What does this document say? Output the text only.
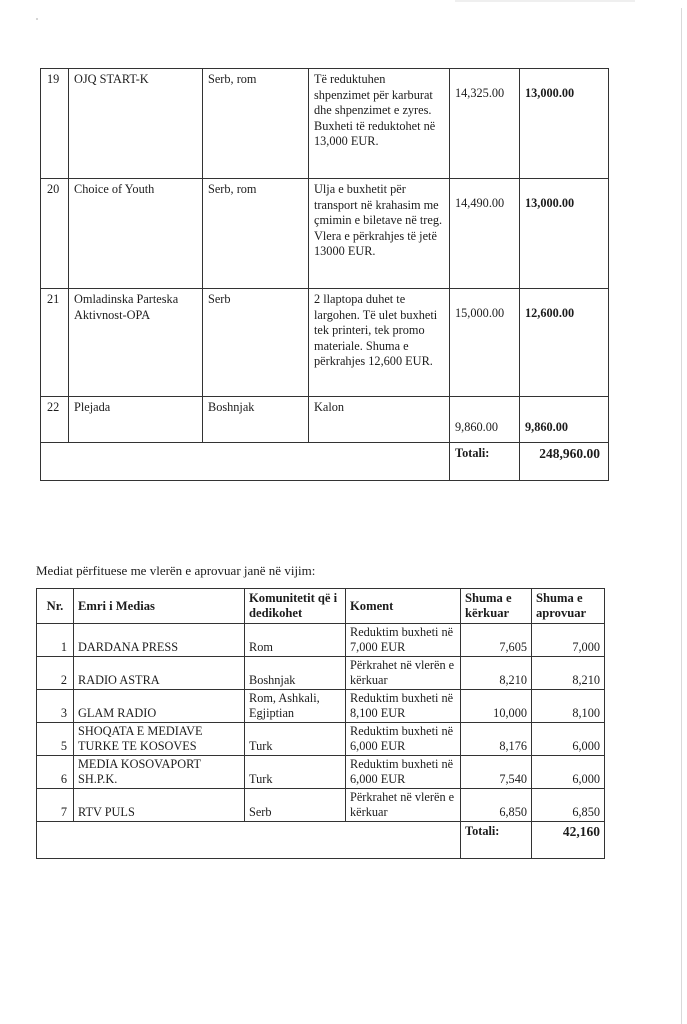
19	OJQ START-K	Serb, rom	Të reduktuhen shpenzimet për karburat dhe shpenzimet e zyres. Buxheti të reduktohet në 13,000 EUR.	14,325.00	13,000.00
20	Choice of Youth	Serb, rom	Ulja e buxhetit për transport në krahasim me çmimin e biletave në treg. Vlera e përkrahjes të jetë 13000 EUR.	14,490.00	13,000.00
21	Omladinska Parteska Aktivnost-OPA	Serb	2 llaptopa duhet te largohen. Të ulet buxheti tek printeri, tek promo materiale. Shuma e përkrahjes 12,600 EUR.	15,000.00	12,600.00
22	Plejada	Boshnjak	Kalon	9,860.00	9,860.00
				Totali:	248,960.00
Mediat përfituese me vlerën e aprovuar janë në vijim:
Nr.	Emri i Medias	Komunitetit që i dedikohet	Koment	Shuma e kërkuar	Shuma e aprovuar
1	DARDANA PRESS	Rom	Reduktim buxheti në 7,000 EUR	7,605	7,000
2	RADIO ASTRA	Boshnjak	Përkrahet në vlerën e kërkuar	8,210	8,210
3	GLAM RADIO	Rom, Ashkali, Egjiptian	Reduktim buxheti në 8,100 EUR	10,000	8,100
5	SHOQATA E MEDIAVE TURKE TE KOSOVES	Turk	Reduktim buxheti në 6,000 EUR	8,176	6,000
6	MEDIA KOSOVAPORT SH.P.K.	Turk	Reduktim buxheti në 6,000 EUR	7,540	6,000
7	RTV PULS	Serb	Përkrahet në vlerën e kërkuar	6,850	6,850
				Totali:	42,160
